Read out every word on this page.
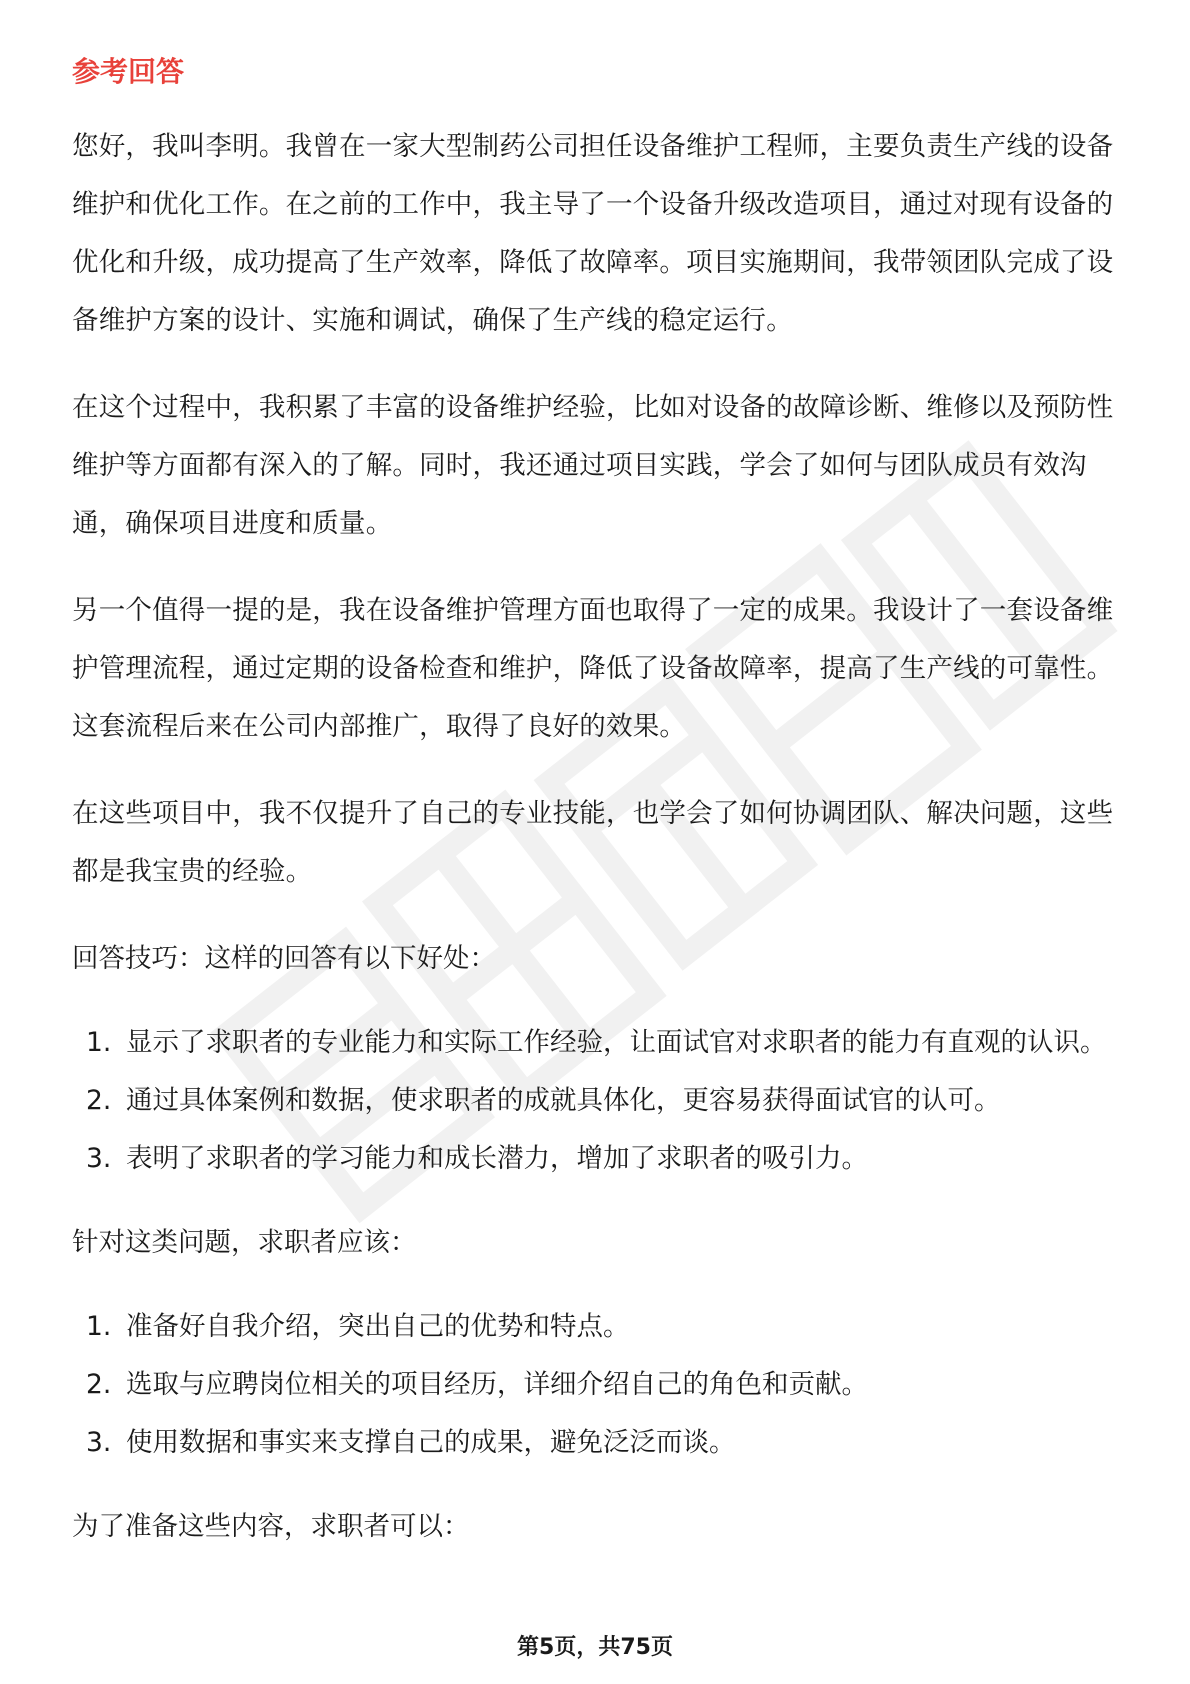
参考回答

您好，我叫李明。我曾在一家大型制药公司担任设备维护工程师，主要负责生产线的设备维护和优化工作。在之前的工作中，我主导了一个设备升级改造项目，通过对现有设备的优化和升级，成功提高了生产效率，降低了故障率。项目实施期间，我带领团队完成了设备维护方案的设计、实施和调试，确保了生产线的稳定运行。

在这个过程中，我积累了丰富的设备维护经验，比如对设备的故障诊断、维修以及预防性维护等方面都有深入的了解。同时，我还通过项目实践，学会了如何与团队成员有效沟通，确保项目进度和质量。

另一个值得一提的是，我在设备维护管理方面也取得了一定的成果。我设计了一套设备维护管理流程，通过定期的设备检查和维护，降低了设备故障率，提高了生产线的可靠性。这套流程后来在公司内部推广，取得了良好的效果。

在这些项目中，我不仅提升了自己的专业技能，也学会了如何协调团队、解决问题，这些都是我宝贵的经验。

回答技巧：这样的回答有以下好处：
1. 显示了求职者的专业能力和实际工作经验，让面试官对求职者的能力有直观的认识。
2. 通过具体案例和数据，使求职者的成就具体化，更容易获得面试官的认可。
3. 表明了求职者的学习能力和成长潜力，增加了求职者的吸引力。
针对这类问题，求职者应该：
1. 准备好自我介绍，突出自己的优势和特点。
2. 选取与应聘岗位相关的项目经历，详细介绍自己的角色和贡献。
3. 使用数据和事实来支撑自己的成果，避免泛泛而谈。
为了准备这些内容，求职者可以：
第5页，共75页
